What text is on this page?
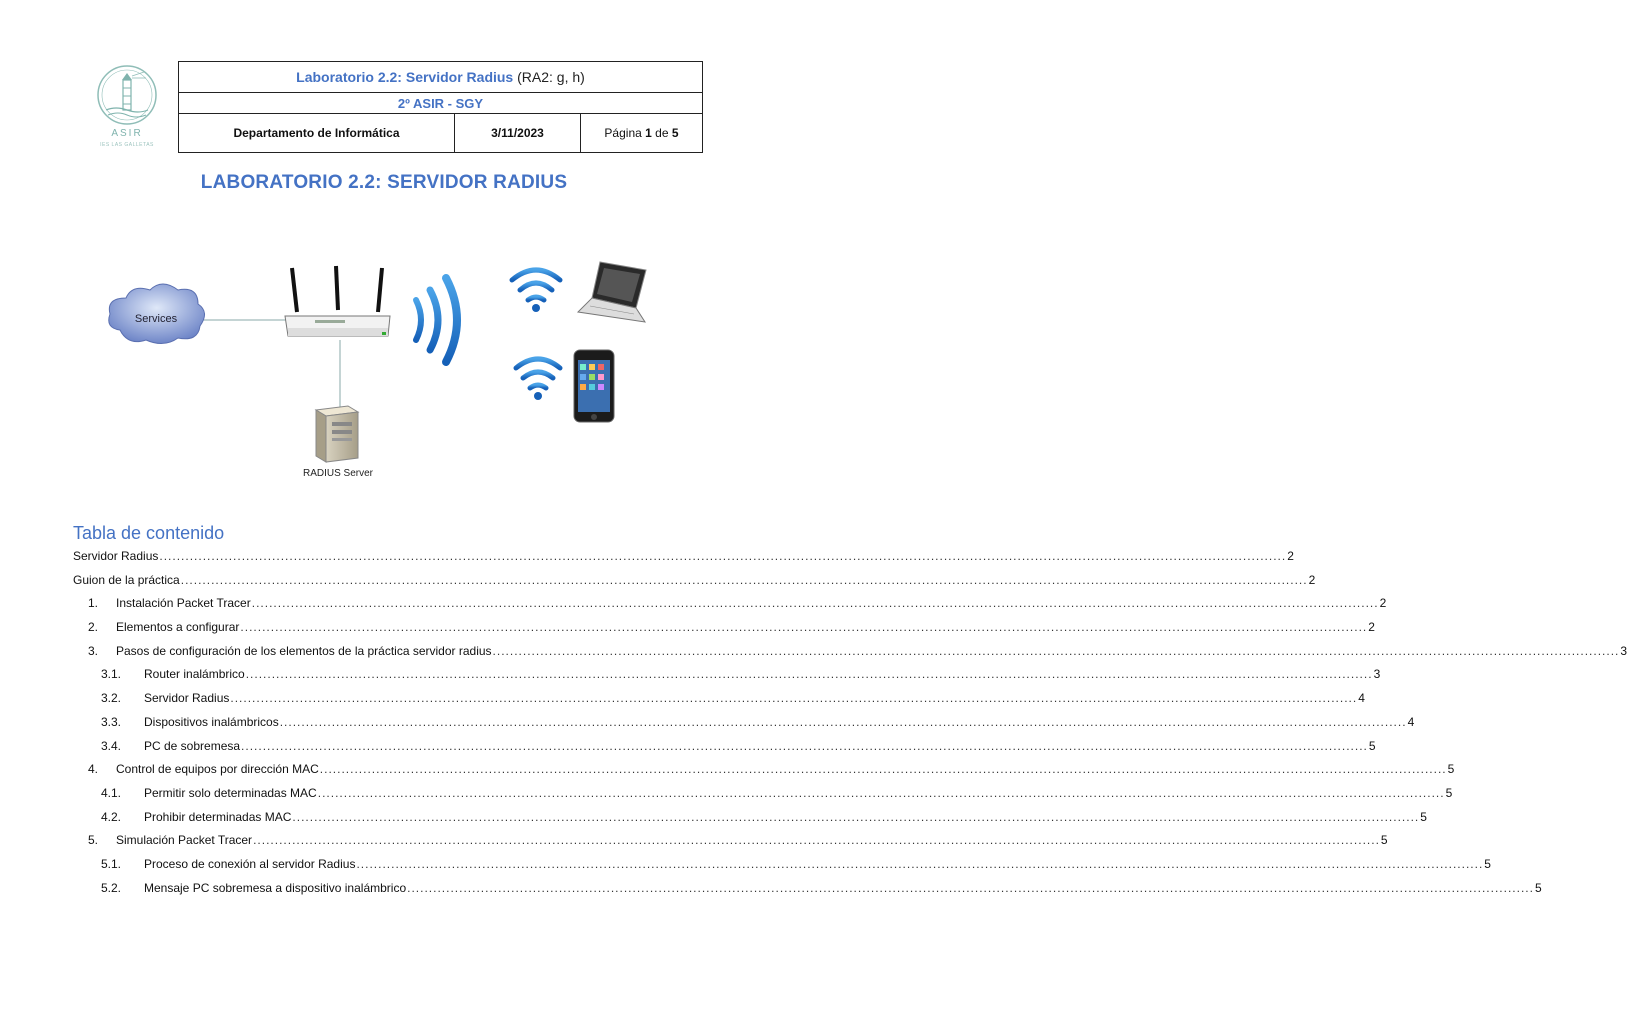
ASIR
IES LAS GALLETAS
Laboratorio 2.2: Servidor Radius (RA2: g, h)
2º ASIR - SGY
Departamento de Informática	3/11/2023	Página 1 de 5
LABORATORIO 2.2: SERVIDOR RADIUS
Services
RADIUS Server
Tabla de contenido
Servidor Radius .................................................................................................................................................................................................................................................................... 2
Guion de la práctica .................................................................................................................................................................................................................................................................... 2
1.	Instalación Packet Tracer .................................................................................................................................................................................................................................................................... 2
2.	Elementos a configurar .................................................................................................................................................................................................................................................................... 2
3.	Pasos de configuración de los elementos de la práctica servidor radius .................................................................................................................................................................................................................................................................... 3
3.1.	Router inalámbrico .................................................................................................................................................................................................................................................................... 3
3.2.	Servidor Radius .................................................................................................................................................................................................................................................................... 4
3.3.	Dispositivos inalámbricos .................................................................................................................................................................................................................................................................... 4
3.4.	PC de sobremesa .................................................................................................................................................................................................................................................................... 5
4.	Control de equipos por dirección MAC .................................................................................................................................................................................................................................................................... 5
4.1.	Permitir solo determinadas MAC .................................................................................................................................................................................................................................................................... 5
4.2.	Prohibir determinadas MAC .................................................................................................................................................................................................................................................................... 5
5.	Simulación Packet Tracer .................................................................................................................................................................................................................................................................... 5
5.1.	Proceso de conexión al servidor Radius .................................................................................................................................................................................................................................................................... 5
5.2.	Mensaje PC sobremesa a dispositivo inalámbrico .................................................................................................................................................................................................................................................................... 5
